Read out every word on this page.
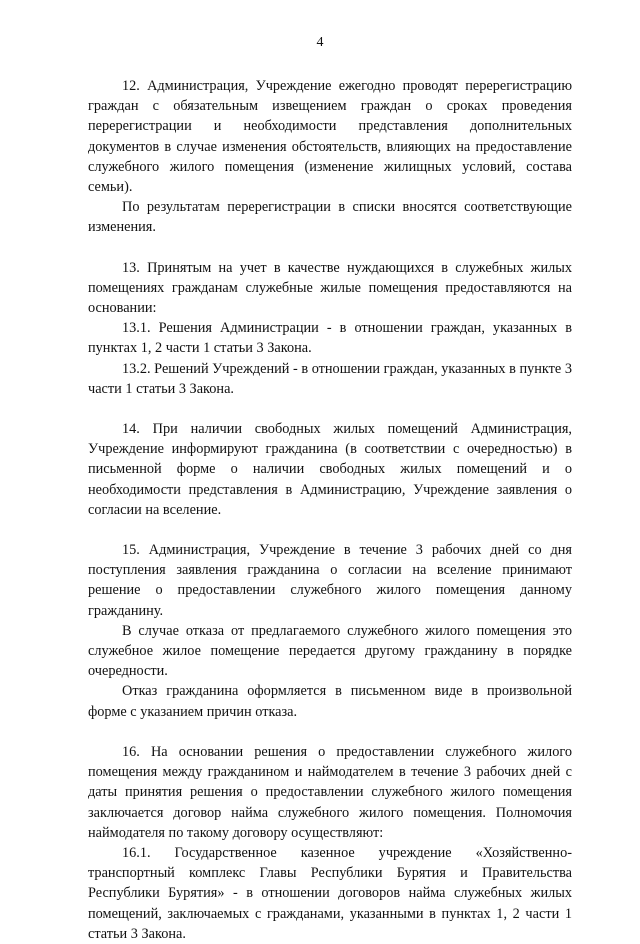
4

12. Администрация, Учреждение ежегодно проводят перерегистрацию граждан с обязательным извещением граждан о сроках проведения перерегистрации и необходимости представления дополнительных документов в случае изменения обстоятельств, влияющих на предоставление служебного жилого помещения (изменение жилищных условий, состава семьи).

По результатам перерегистрации в списки вносятся соответствующие изменения.

13. Принятым на учет в качестве нуждающихся в служебных жилых помещениях гражданам служебные жилые помещения предоставляются на основании:

13.1. Решения Администрации - в отношении граждан, указанных в пунктах 1, 2 части 1 статьи 3 Закона.

13.2. Решений Учреждений - в отношении граждан, указанных в пункте 3 части 1 статьи 3 Закона.

14. При наличии свободных жилых помещений Администрация, Учреждение информируют гражданина (в соответствии с очередностью) в письменной форме о наличии свободных жилых помещений и о необходимости представления в Администрацию, Учреждение заявления о согласии на вселение.

15. Администрация, Учреждение в течение 3 рабочих дней со дня поступления заявления гражданина о согласии на вселение принимают решение о предоставлении служебного жилого помещения данному гражданину.

В случае отказа от предлагаемого служебного жилого помещения это служебное жилое помещение передается другому гражданину в порядке очередности.

Отказ гражданина оформляется в письменном виде в произвольной форме с указанием причин отказа.

16. На основании решения о предоставлении служебного жилого помещения между гражданином и наймодателем в течение 3 рабочих дней с даты принятия решения о предоставлении служебного жилого помещения заключается договор найма служебного жилого помещения. Полномочия наймодателя по такому договору осуществляют:

16.1. Государственное казенное учреждение «Хозяйственно-транспортный комплекс Главы Республики Бурятия и Правительства Республики Бурятия» - в отношении договоров найма служебных жилых помещений, заключаемых с гражданами, указанными в пунктах 1, 2 части 1 статьи 3 Закона.
